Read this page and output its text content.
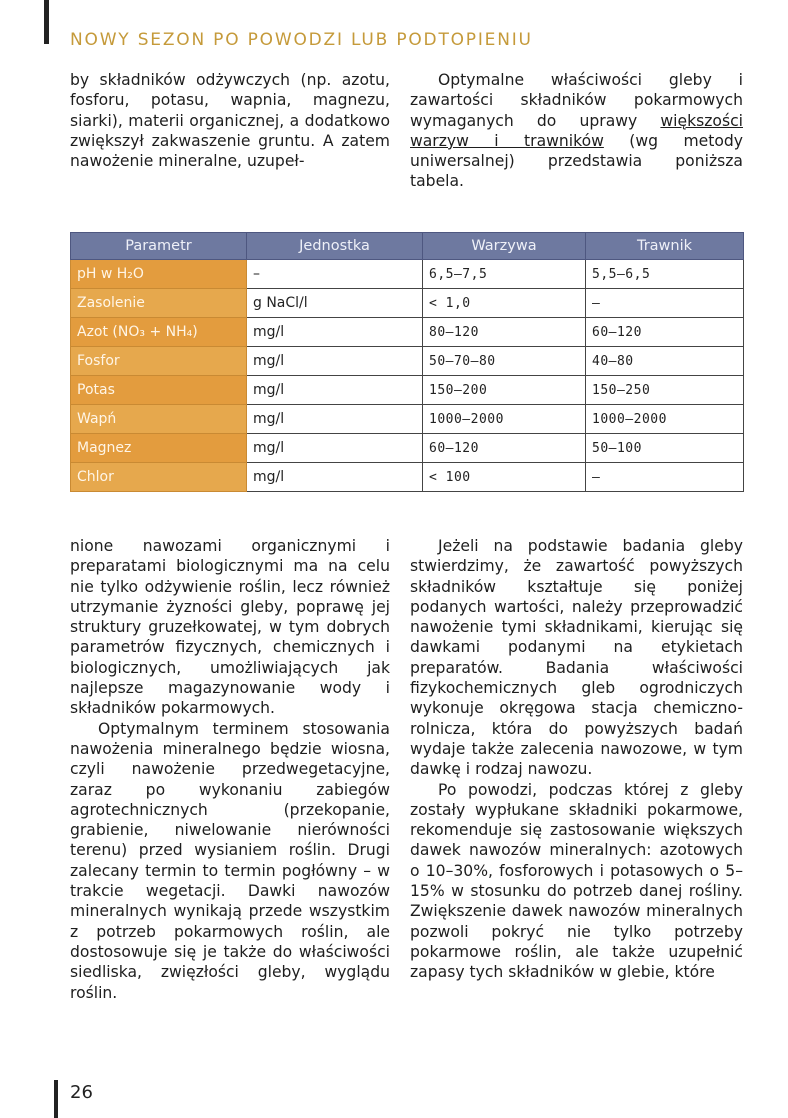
NOWY SEZON PO POWODZI LUB PODTOPIENIU

by składników odżywczych (np. azotu, fosforu, potasu, wapnia, magnezu, siarki), materii organicznej, a dodatkowo zwiększył zakwaszenie gruntu. A zatem nawożenie mineralne, uzupeł-

Optymalne właściwości gleby i zawartości składników pokarmowych wymaganych do uprawy większości warzyw i trawników (wg metody uniwersalnej) przedstawia poniższa tabela.

Parametr	Jednostka	Warzywa	Trawnik
pH w H₂O	–	6,5–7,5	5,5–6,5
Zasolenie	g NaCl/l	< 1,0	–
Azot (NO₃ + NH₄)	mg/l	80–120	60–120
Fosfor	mg/l	50–70–80	40–80
Potas	mg/l	150–200	150–250
Wapń	mg/l	1000–2000	1000–2000
Magnez	mg/l	60–120	50–100
Chlor	mg/l	< 100	–

nione nawozami organicznymi i preparatami biologicznymi ma na celu nie tylko odżywienie roślin, lecz również utrzymanie żyzności gleby, poprawę jej struktury gruzełkowatej, w tym dobrych parametrów fizycznych, chemicznych i biologicznych, umożliwiających jak najlepsze magazynowanie wody i składników pokarmowych.

Optymalnym terminem stosowania nawożenia mineralnego będzie wiosna, czyli nawożenie przedwegetacyjne, zaraz po wykonaniu zabiegów agrotechnicznych (przekopanie, grabienie, niwelowanie nierówności terenu) przed wysianiem roślin. Drugi zalecany termin to termin pogłówny – w trakcie wegetacji. Dawki nawozów mineralnych wynikają przede wszystkim z potrzeb pokarmowych roślin, ale dostosowuje się je także do właściwości siedliska, zwięzłości gleby, wyglądu roślin.

Jeżeli na podstawie badania gleby stwierdzimy, że zawartość powyższych składników kształtuje się poniżej podanych wartości, należy przeprowadzić nawożenie tymi składnikami, kierując się dawkami podanymi na etykietach preparatów. Badania właściwości fizykochemicznych gleb ogrodniczych wykonuje okręgowa stacja chemiczno-rolnicza, która do powyższych badań wydaje także zalecenia nawozowe, w tym dawkę i rodzaj nawozu.

Po powodzi, podczas której z gleby zostały wypłukane składniki pokarmowe, rekomenduje się zastosowanie większych dawek nawozów mineralnych: azotowych o 10–30%, fosforowych i potasowych o 5–15% w stosunku do potrzeb danej rośliny. Zwiększenie dawek nawozów mineralnych pozwoli pokryć nie tylko potrzeby pokarmowe roślin, ale także uzupełnić zapasy tych składników w glebie, które

26
